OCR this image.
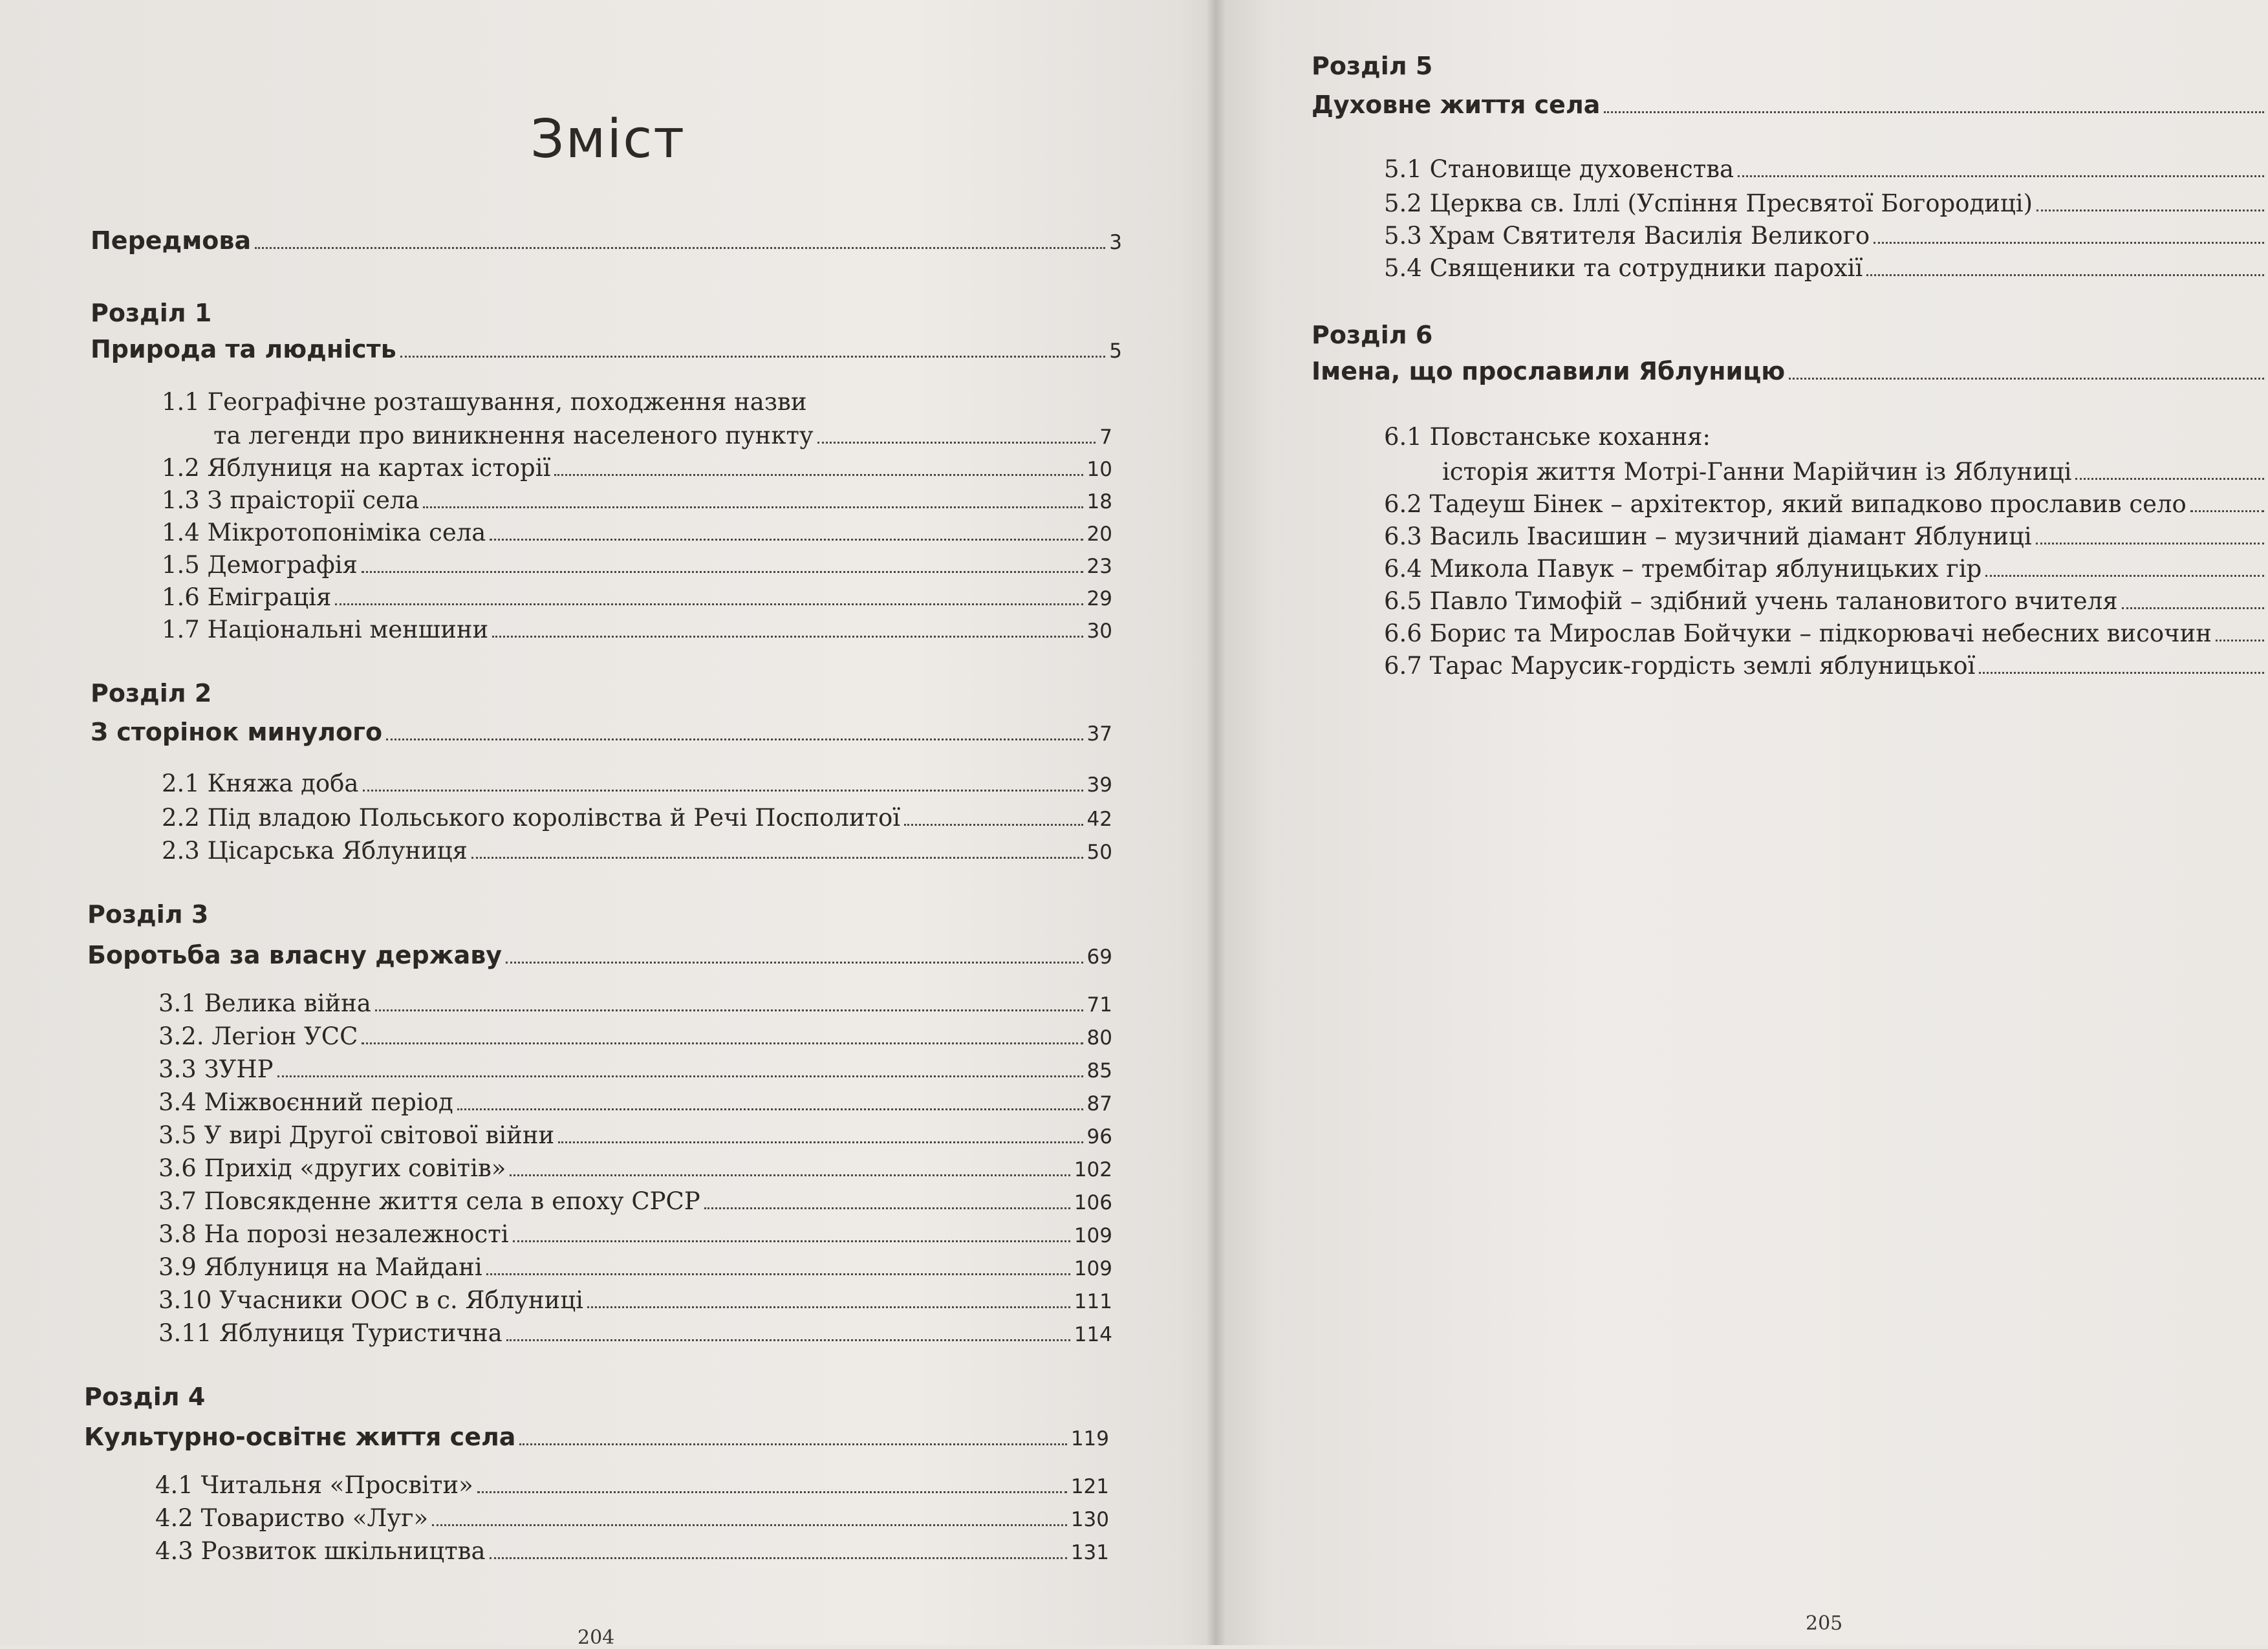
Зміст
Передмова	3
Розділ 1
Природа та людність	5
1.1 Географічне розташування, походження назви
та легенди про виникнення населеного пункту	7
1.2 Яблуниця на картах історії	10
1.3 З праісторії села	18
1.4 Мікротопоніміка села	20
1.5 Демографія	23
1.6 Еміграція	29
1.7 Національні меншини	30
Розділ 2
З сторінок минулого	37
2.1 Княжа доба	39
2.2 Під владою Польського королівства й Речі Посполитої	42
2.3 Цісарська Яблуниця	50
Розділ 3
Боротьба за власну державу	69
3.1 Велика війна	71
3.2. Легіон УСС	80
3.3 ЗУНР	85
3.4 Міжвоєнний період	87
3.5 У вирі Другої світової війни	96
3.6 Прихід «других совітів»	102
3.7 Повсякденне життя села в епоху СРСР	106
3.8 На порозі незалежності	109
3.9 Яблуниця на Майдані	109
3.10 Учасники ООС в с. Яблуниці	111
3.11 Яблуниця Туристична	114
Розділ 4
Культурно-освітнє життя села	119
4.1 Читальня «Просвіти»	121
4.2 Товариство «Луг»	130
4.3 Розвиток шкільництва	131
204
Розділ 5
Духовне життя села
5.1 Становище духовенства
5.2 Церква св. Іллі (Успіння Пресвятої Богородиці)
5.3 Храм Святителя Василія Великого
5.4 Священики та сотрудники парохії
Розділ 6
Імена, що прославили Яблуницю
6.1 Повстанське кохання:
історія життя Мотрі-Ганни Марійчин із Яблуниці
6.2 Тадеуш Бінек – архітектор, який випадково прославив село
6.3 Василь Івасишин – музичний діамант Яблуниці
6.4 Микола Павук – трембітар яблуницьких гір
6.5 Павло Тимофій – здібний учень талановитого вчителя
6.6 Борис та Мирослав Бойчуки – підкорювачі небесних височин
6.7 Тарас Марусик-гордість землі яблуницької
205
